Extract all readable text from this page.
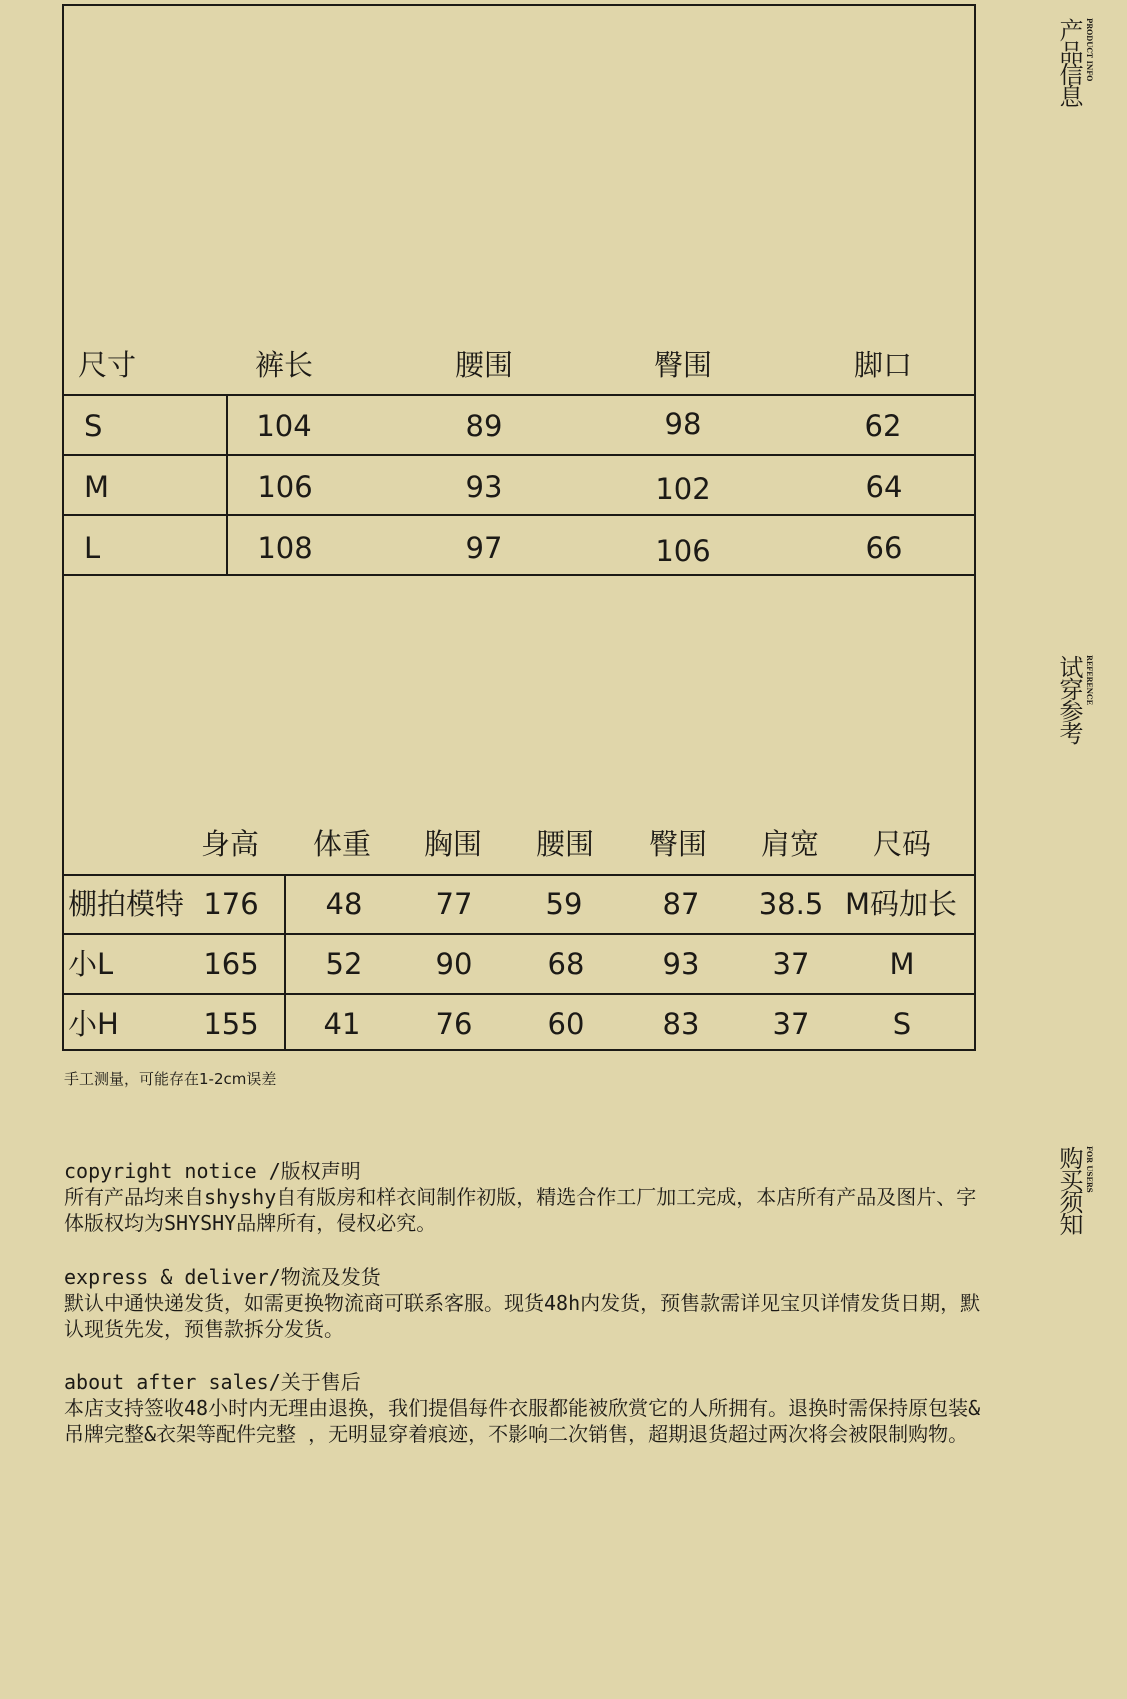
产品信息 PRODUCT INFO
试穿参考 REFERENCE
购买须知 FOR USERS
尺寸	裤长	腰围	臀围	脚口
S	104	89	98	62
M	106	93	102	64
L	108	97	106	66
身高 体重 胸围 腰围 臀围 肩宽 尺码
棚拍模特 176 48	77	59	87 38.5 M码加长
小L	165 52	90	68	93	37	M
小H	155 41	76	60	83	37	S
手工测量，可能存在1-2cm误差
copyright notice /版权声明
所有产品均来自shyshy自有版房和样衣间制作初版，精选合作工厂加工完成，本店所有产品及图片、字体版权均为SHYSHY品牌所有，侵权必究。
express & deliver/物流及发货
默认中通快递发货，如需更换物流商可联系客服。现货48h内发货，预售款需详见宝贝详情发货日期，默认现货先发，预售款拆分发货。
about after sales/关于售后
本店支持签收48小时内无理由退换，我们提倡每件衣服都能被欣赏它的人所拥有。退换时需保持原包装&吊牌完整&衣架等配件完整 ，无明显穿着痕迹，不影响二次销售，超期退货超过两次将会被限制购物。
